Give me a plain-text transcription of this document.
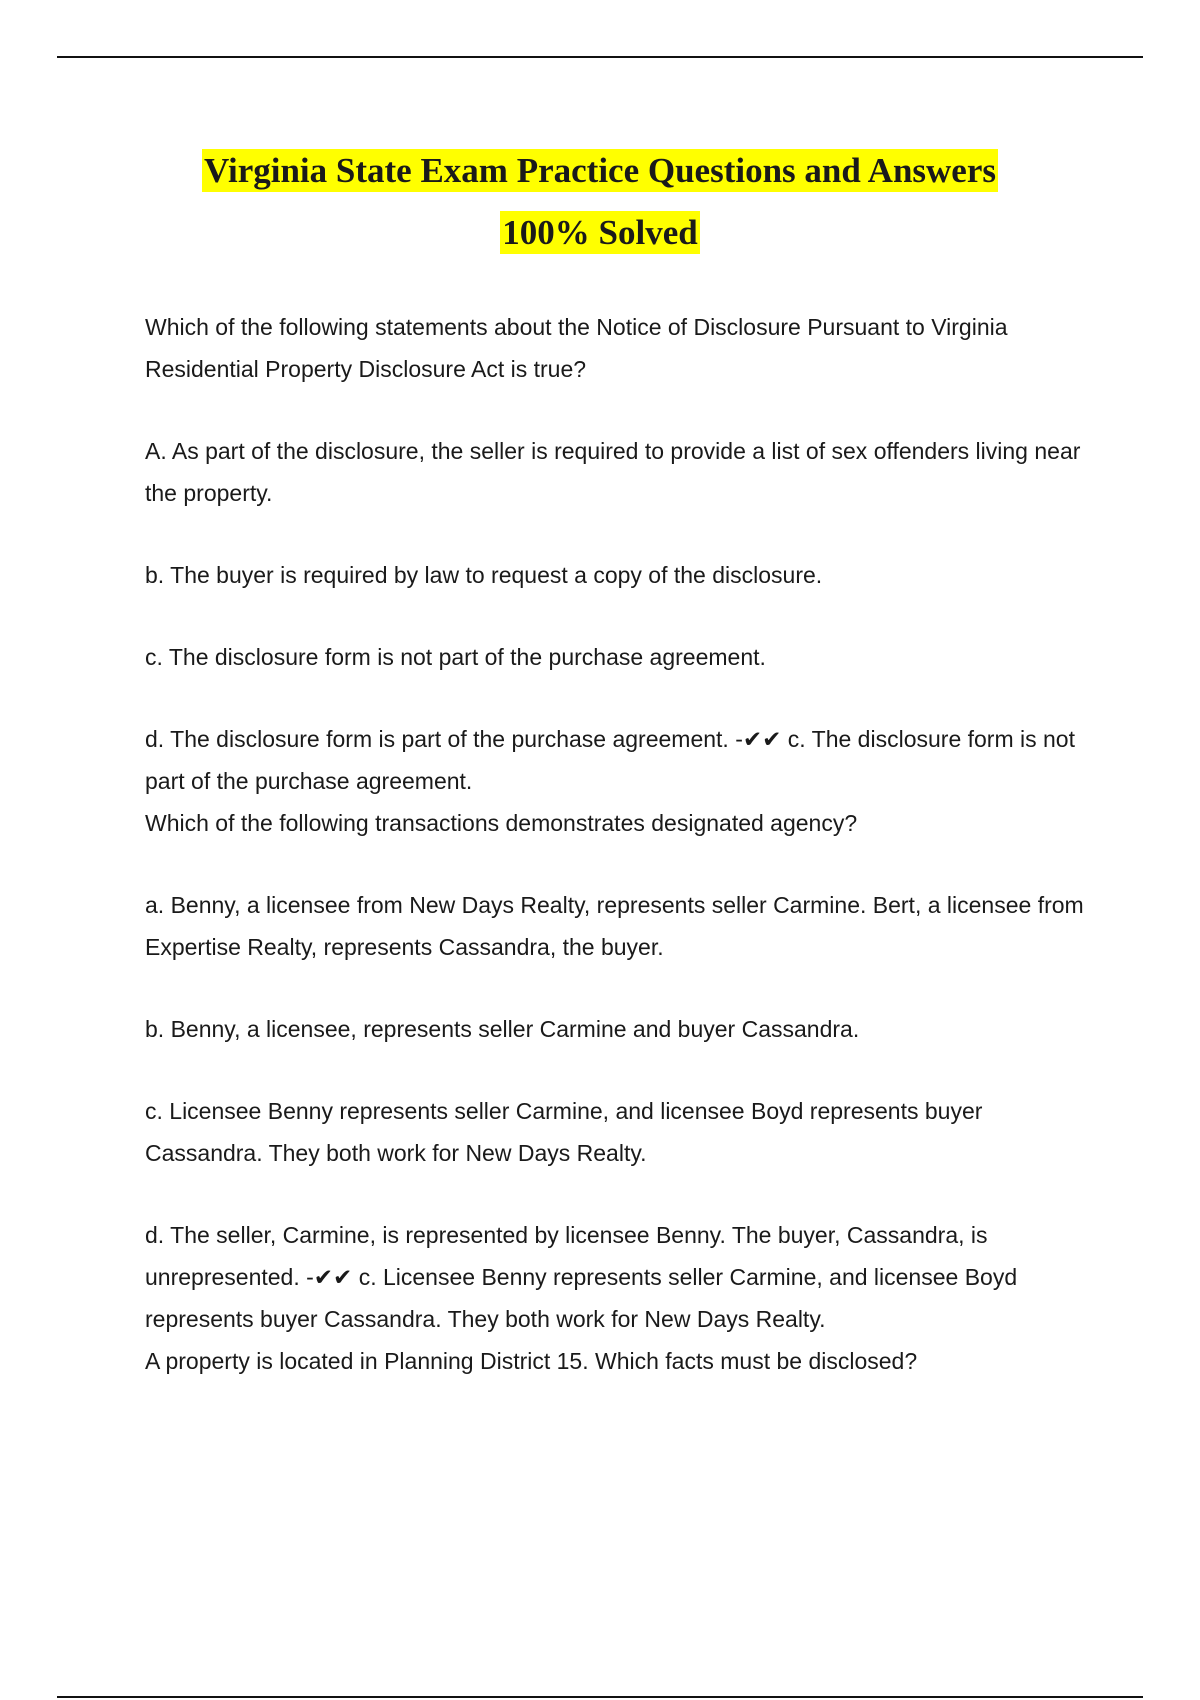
Virginia State Exam Practice Questions and Answers
100% Solved

Which of the following statements about the Notice of Disclosure Pursuant to Virginia Residential Property Disclosure Act is true?

A. As part of the disclosure, the seller is required to provide a list of sex offenders living near the property.

b. The buyer is required by law to request a copy of the disclosure.

c. The disclosure form is not part of the purchase agreement.

d. The disclosure form is part of the purchase agreement. -✔✔ c. The disclosure form is not part of the purchase agreement.

Which of the following transactions demonstrates designated agency?

a. Benny, a licensee from New Days Realty, represents seller Carmine. Bert, a licensee from Expertise Realty, represents Cassandra, the buyer.

b. Benny, a licensee, represents seller Carmine and buyer Cassandra.

c. Licensee Benny represents seller Carmine, and licensee Boyd represents buyer Cassandra. They both work for New Days Realty.

d. The seller, Carmine, is represented by licensee Benny. The buyer, Cassandra, is unrepresented. -✔✔ c. Licensee Benny represents seller Carmine, and licensee Boyd represents buyer Cassandra. They both work for New Days Realty.

A property is located in Planning District 15. Which facts must be disclosed?
